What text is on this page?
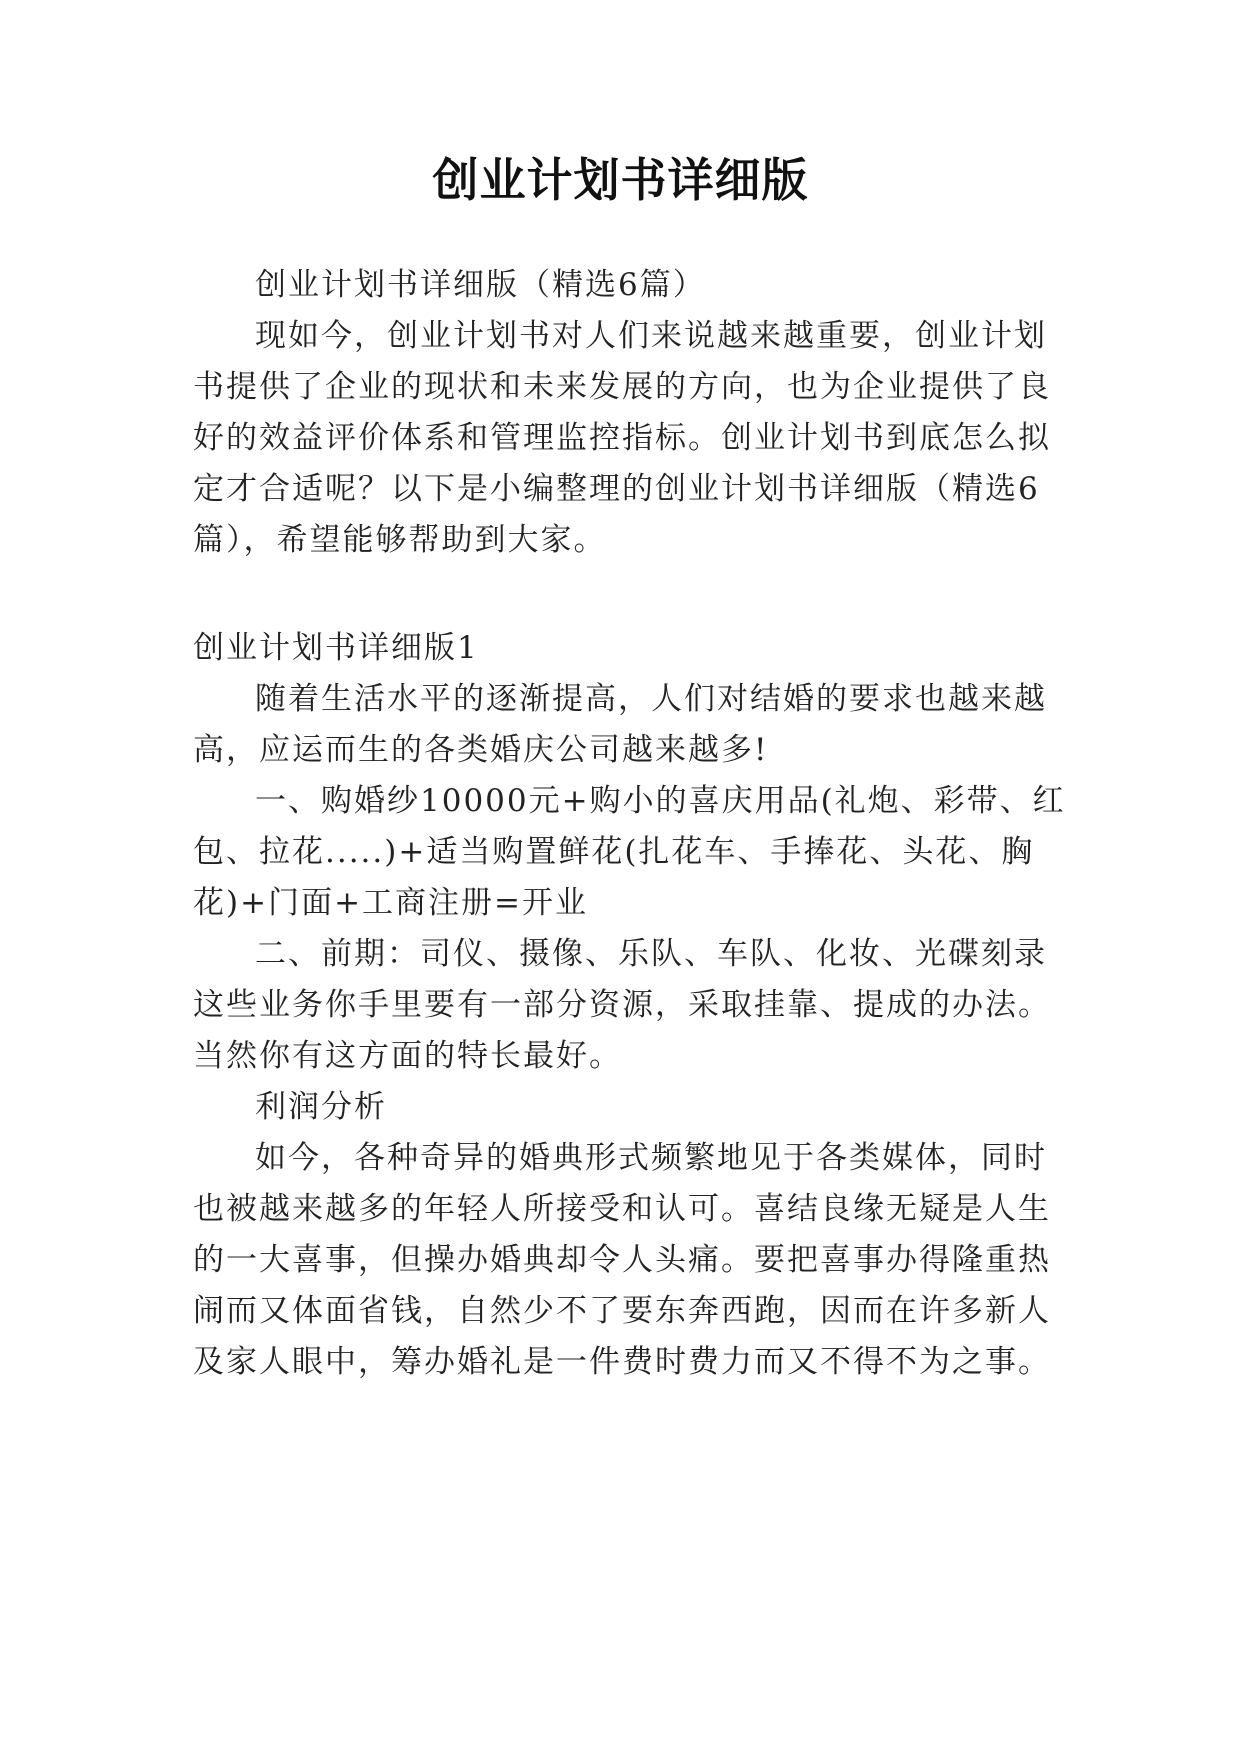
创业计划书详细版
创业计划书详细版（精选6篇）
现如今，创业计划书对人们来说越来越重要，创业计划
书提供了企业的现状和未来发展的方向，也为企业提供了良
好的效益评价体系和管理监控指标。创业计划书到底怎么拟
定才合适呢？以下是小编整理的创业计划书详细版（精选6
篇），希望能够帮助到大家。
创业计划书详细版1
随着生活水平的逐渐提高，人们对结婚的要求也越来越
高，应运而生的各类婚庆公司越来越多!
一、购婚纱10000元+购小的喜庆用品(礼炮、彩带、红
包、拉花.....)+适当购置鲜花(扎花车、手捧花、头花、胸
花)+门面+工商注册=开业
二、前期：司仪、摄像、乐队、车队、化妆、光碟刻录
这些业务你手里要有一部分资源，采取挂靠、提成的办法。
当然你有这方面的特长最好。
利润分析
如今，各种奇异的婚典形式频繁地见于各类媒体，同时
也被越来越多的年轻人所接受和认可。喜结良缘无疑是人生
的一大喜事，但操办婚典却令人头痛。要把喜事办得隆重热
闹而又体面省钱，自然少不了要东奔西跑，因而在许多新人
及家人眼中，筹办婚礼是一件费时费力而又不得不为之事。
